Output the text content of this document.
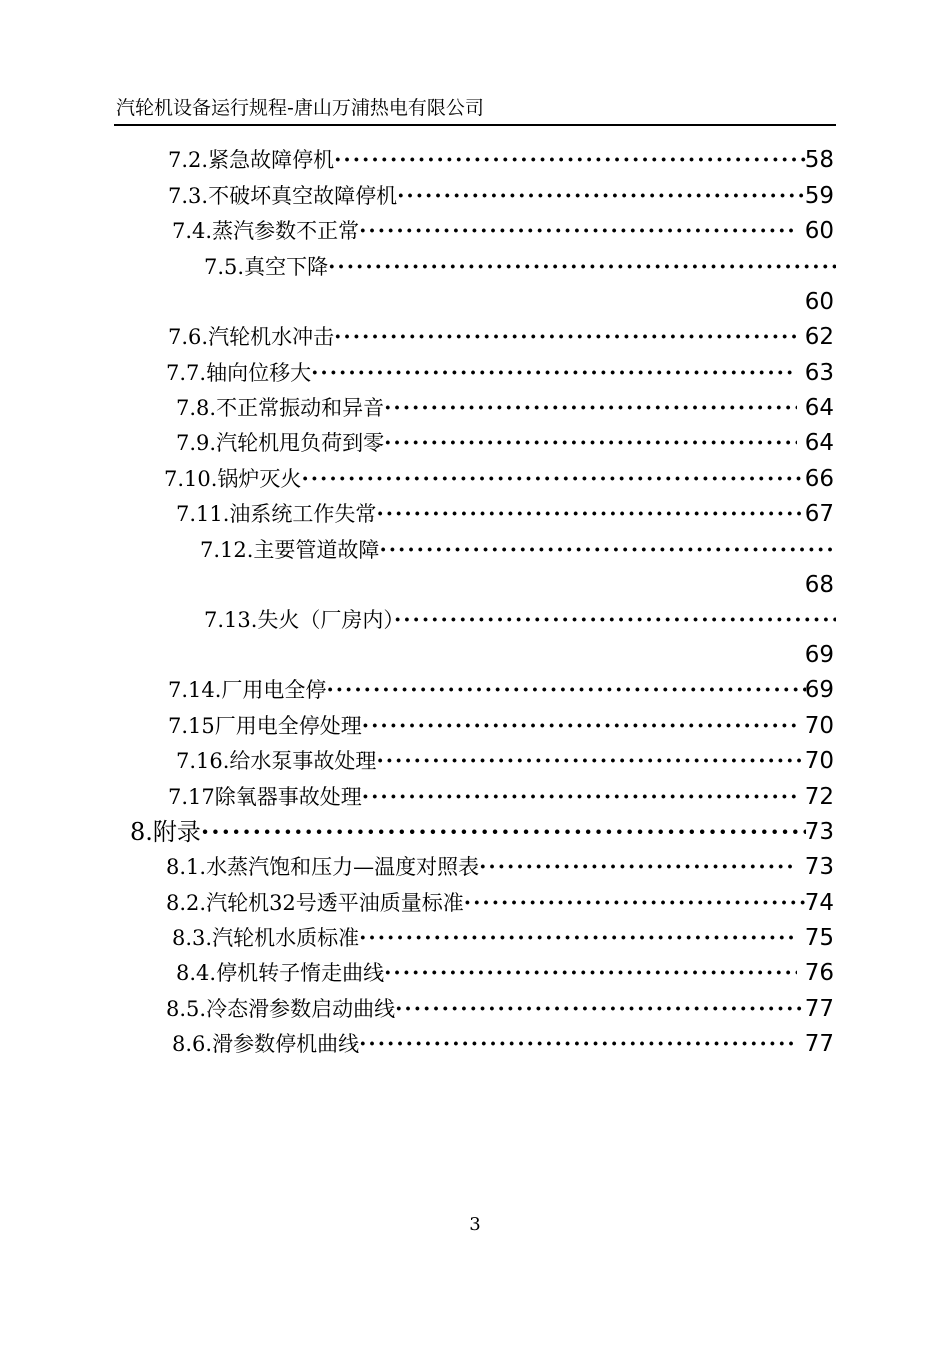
汽轮机设备运行规程-唐山万浦热电有限公司
7.2.紧急故障停机 ·····	58
7.3.不破坏真空故障停机 ·····	59
7.4.蒸汽参数不正常 ·····	60
7.5.真空下降 ·····
60
7.6.汽轮机水冲击 ·····	62
7.7.轴向位移大 ·····	63
7.8.不正常振动和异音 ·····	64
7.9.汽轮机甩负荷到零 ·····	64
7.10.锅炉灭火 ·····	66
7.11.油系统工作失常 ·····	67
7.12.主要管道故障 ·····
68
7.13.失火（厂房内） ·····
69
7.14.厂用电全停 ·····	69
7.15厂用电全停处理 ·····	70
7.16.给水泵事故处理 ·····	70
7.17除氧器事故处理 ·····	72
8.附录 ·····	73
8.1.水蒸汽饱和压力—温度对照表 ·····	73
8.2.汽轮机32号透平油质量标准 ·····	74
8.3.汽轮机水质标准 ·····	75
8.4.停机转子惰走曲线 ·····	76
8.5.冷态滑参数启动曲线 ·····	77
8.6.滑参数停机曲线 ·····	77
3
